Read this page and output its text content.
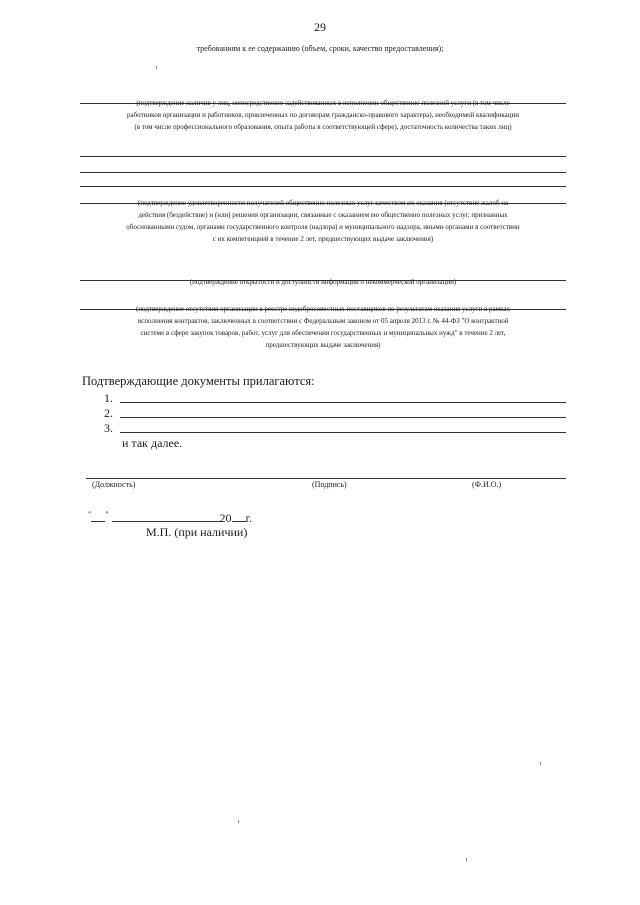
29
требованиям к ее содержанию (объем, сроки, качество предоставления);
(подтверждение наличия у лиц, непосредственно задействованных в исполнении общественно полезной услуги (в том числе
работников организации и работников, привлеченных по договорам гражданско-правового характера), необходимой квалификации
(в том числе профессионального образования, опыта работы в соответствующей сфере), достаточность количества таких лиц)
(подтверждение удовлетворенности получателей общественно полезных услуг качеством их оказания (отсутствие жалоб на
действия (бездействие) и (или) решения организации, связанные с оказанием ею общественно полезных услуг, признанных
обоснованными судом, органами государственного контроля (надзора) и муниципального надзора, иными органами в соответствии
с их компетенцией в течение 2 лет, предшествующих выдаче заключения)
(подтверждение открытости и доступности информации о некоммерческой организации)
(подтверждение отсутствия организации в реестре недобросовестных поставщиков по результатам оказания услуги в рамках
исполнения контрактов, заключенных в соответствии с Федеральным законом от 05 апреля 2013 г. № 44-ФЗ "О контрактной
системе в сфере закупок товаров, работ, услуг для обеспечения государственных и муниципальных нужд" в течение 2 лет,
предшествующих выдаче заключения)
Подтверждающие документы прилагаются:
1.
2.
3.
и так далее.
(Должность)	(Подпись)	(Ф.И.О.)
" "	20 г.
М.П. (при наличии)
